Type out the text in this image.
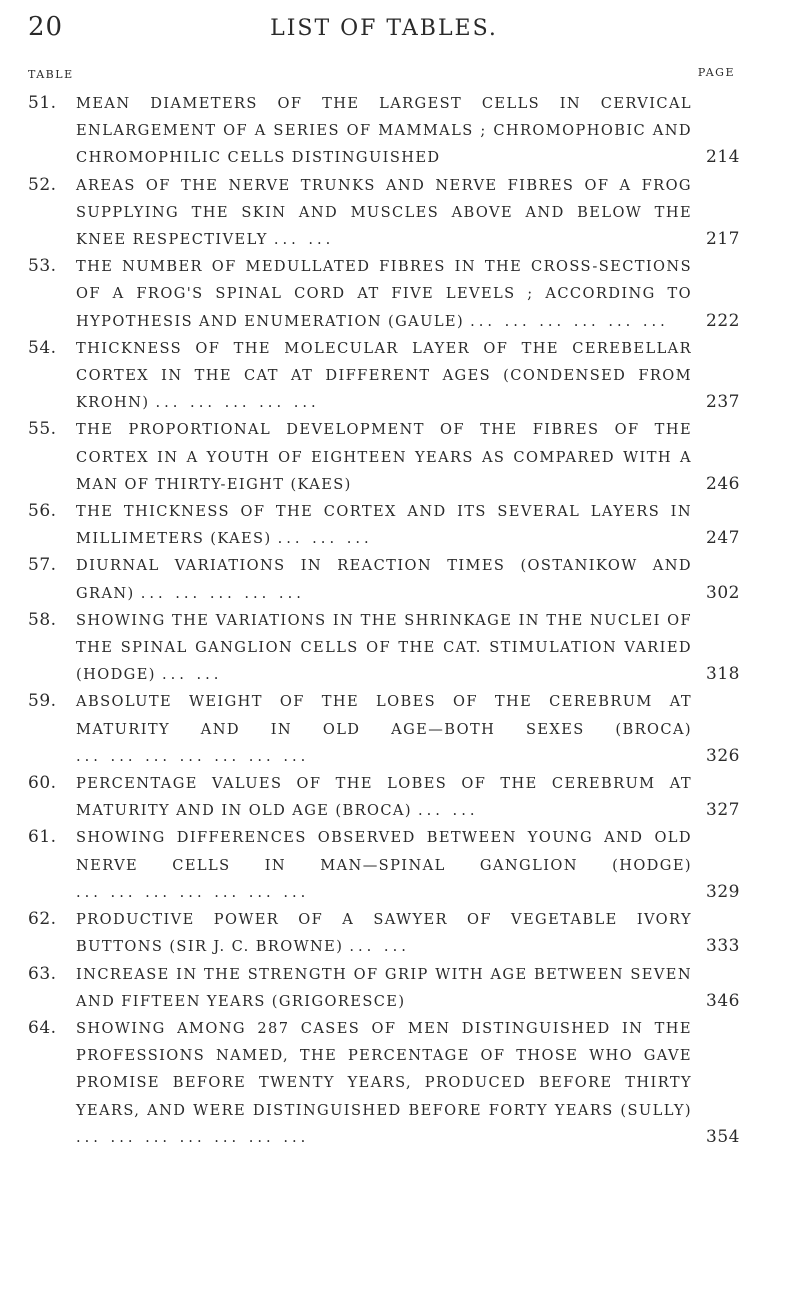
20	LIST OF TABLES.
TABLE	PAGE
51.	MEAN DIAMETERS OF THE LARGEST CELLS IN CERVICAL ENLARGEMENT OF A SERIES OF MAMMALS ; CHROMOPHOBIC AND CHROMOPHILIC CELLS DISTINGUISHED	214
52.	AREAS OF THE NERVE TRUNKS AND NERVE FIBRES OF A FROG SUPPLYING THE SKIN AND MUSCLES ABOVE AND BELOW THE KNEE RESPECTIVELY ... ...	217
53.	THE NUMBER OF MEDULLATED FIBRES IN THE CROSS-SECTIONS OF A FROG'S SPINAL CORD AT FIVE LEVELS ; ACCORDING TO HYPOTHESIS AND ENUMERATION (GAULE) ... ... ... ... ... ...	222
54.	THICKNESS OF THE MOLECULAR LAYER OF THE CEREBELLAR CORTEX IN THE CAT AT DIFFERENT AGES (CONDENSED FROM KROHN) ... ... ... ... ...	237
55.	THE PROPORTIONAL DEVELOPMENT OF THE FIBRES OF THE CORTEX IN A YOUTH OF EIGHTEEN YEARS AS COMPARED WITH A MAN OF THIRTY-EIGHT (KAES)	246
56.	THE THICKNESS OF THE CORTEX AND ITS SEVERAL LAYERS IN MILLIMETERS (KAES) ... ... ...	247
57.	DIURNAL VARIATIONS IN REACTION TIMES (OSTANIKOW AND GRAN) ... ... ... ... ...	302
58.	SHOWING THE VARIATIONS IN THE SHRINKAGE IN THE NUCLEI OF THE SPINAL GANGLION CELLS OF THE CAT. STIMULATION VARIED (HODGE) ... ...	318
59.	ABSOLUTE WEIGHT OF THE LOBES OF THE CEREBRUM AT MATURITY AND IN OLD AGE—BOTH SEXES (BROCA) ... ... ... ... ... ... ...	326
60.	PERCENTAGE VALUES OF THE LOBES OF THE CEREBRUM AT MATURITY AND IN OLD AGE (BROCA) ... ...	327
61.	SHOWING DIFFERENCES OBSERVED BETWEEN YOUNG AND OLD NERVE CELLS IN MAN—SPINAL GANGLION (HODGE) ... ... ... ... ... ... ...	329
62.	PRODUCTIVE POWER OF A SAWYER OF VEGETABLE IVORY BUTTONS (SIR J. C. BROWNE) ... ...	333
63.	INCREASE IN THE STRENGTH OF GRIP WITH AGE BETWEEN SEVEN AND FIFTEEN YEARS (GRIGORESCE)	346
64.	SHOWING AMONG 287 CASES OF MEN DISTINGUISHED IN THE PROFESSIONS NAMED, THE PERCENTAGE OF THOSE WHO GAVE PROMISE BEFORE TWENTY YEARS, PRODUCED BEFORE THIRTY YEARS, AND WERE DISTINGUISHED BEFORE FORTY YEARS (SULLY) ... ... ... ... ... ... ...	354
